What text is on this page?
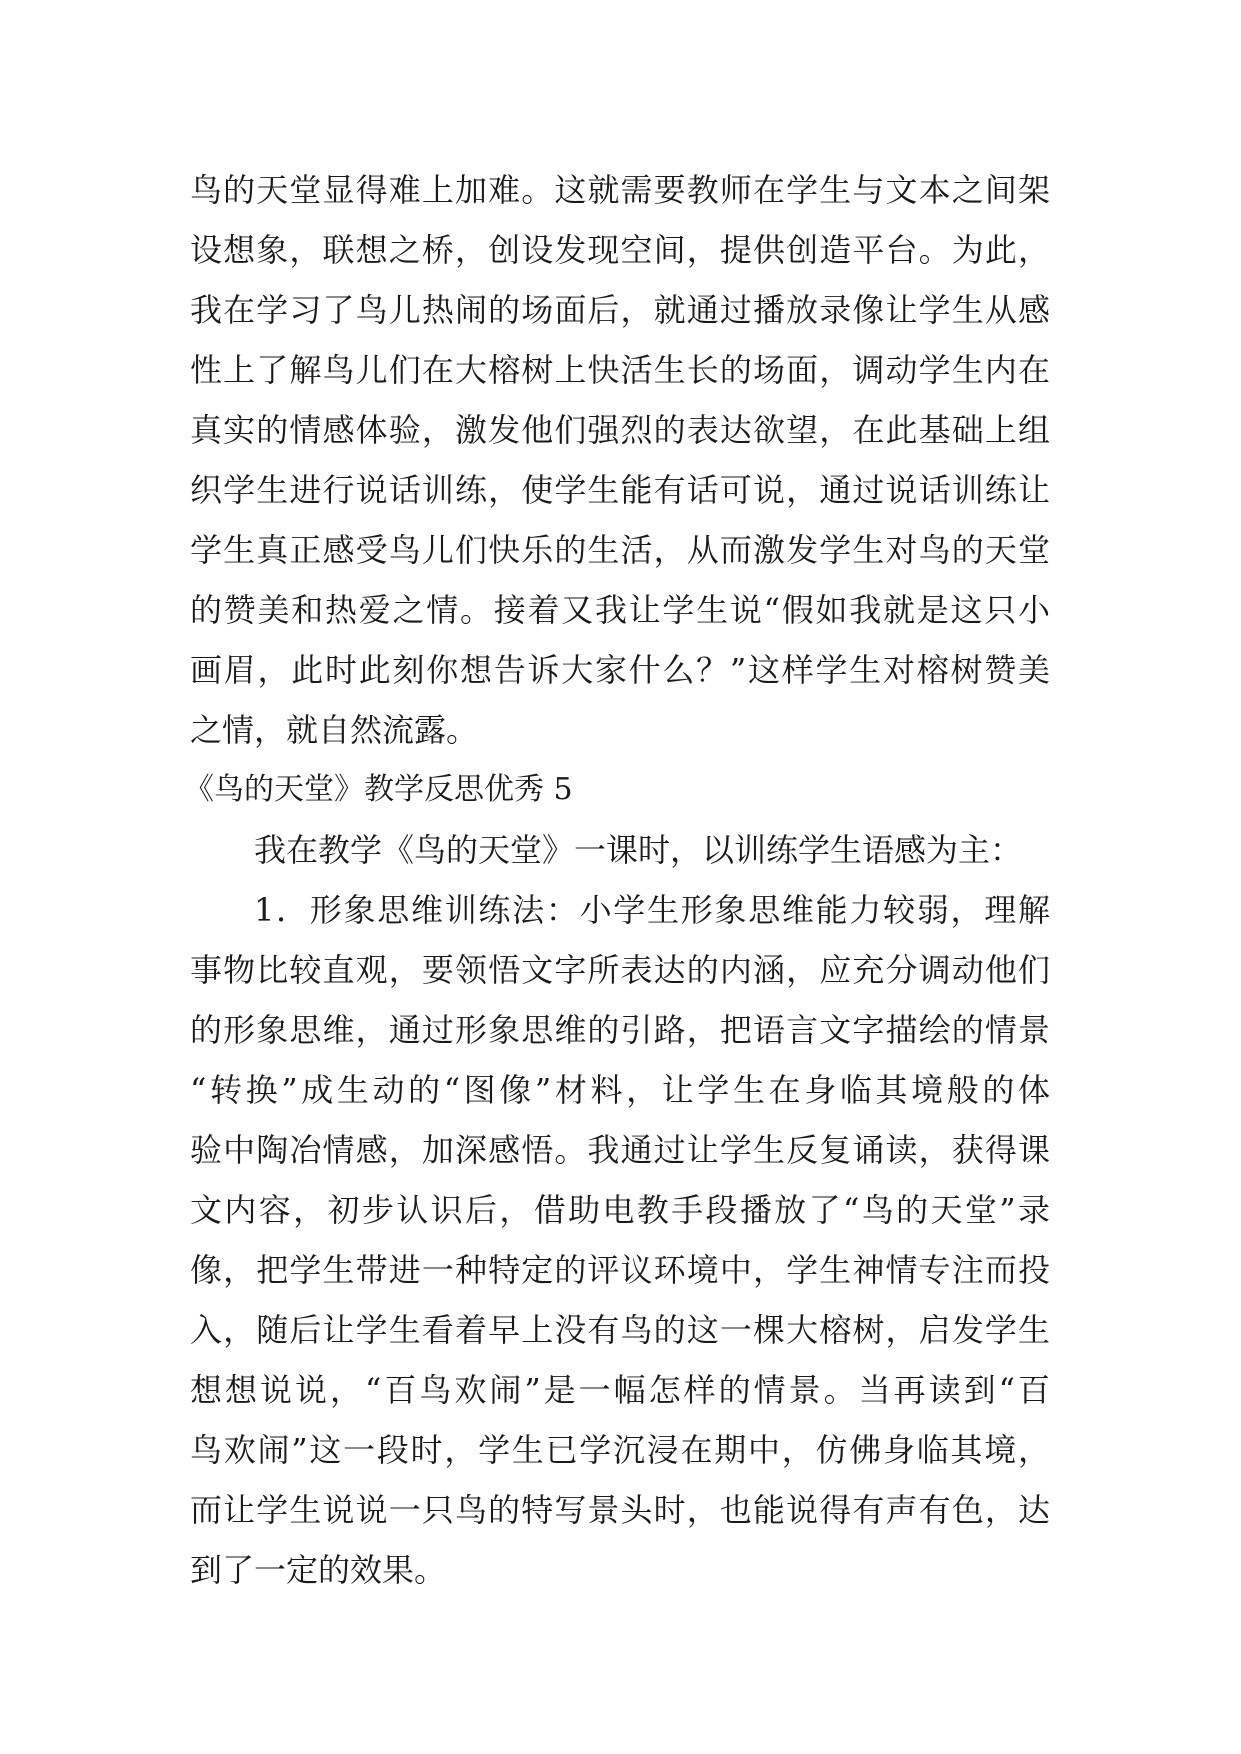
鸟的天堂显得难上加难。这就需要教师在学生与文本之间架
设想象，联想之桥，创设发现空间，提供创造平台。为此，
我在学习了鸟儿热闹的场面后，就通过播放录像让学生从感
性上了解鸟儿们在大榕树上快活生长的场面，调动学生内在
真实的情感体验，激发他们强烈的表达欲望，在此基础上组
织学生进行说话训练，使学生能有话可说，通过说话训练让
学生真正感受鸟儿们快乐的生活，从而激发学生对鸟的天堂
的赞美和热爱之情。接着又我让学生说“假如我就是这只小
画眉，此时此刻你想告诉大家什么？”这样学生对榕树赞美
之情，就自然流露。
《鸟的天堂》教学反思优秀 5
我在教学《鸟的天堂》一课时，以训练学生语感为主：
1．形象思维训练法：小学生形象思维能力较弱，理解
事物比较直观，要领悟文字所表达的内涵，应充分调动他们
的形象思维，通过形象思维的引路，把语言文字描绘的情景
“转换”成生动的“图像”材料，让学生在身临其境般的体
验中陶冶情感，加深感悟。我通过让学生反复诵读，获得课
文内容，初步认识后，借助电教手段播放了“鸟的天堂”录
像，把学生带进一种特定的评议环境中，学生神情专注而投
入，随后让学生看着早上没有鸟的这一棵大榕树，启发学生
想想说说，“百鸟欢闹”是一幅怎样的情景。当再读到“百
鸟欢闹”这一段时，学生已学沉浸在期中，仿佛身临其境，
而让学生说说一只鸟的特写景头时，也能说得有声有色，达
到了一定的效果。
